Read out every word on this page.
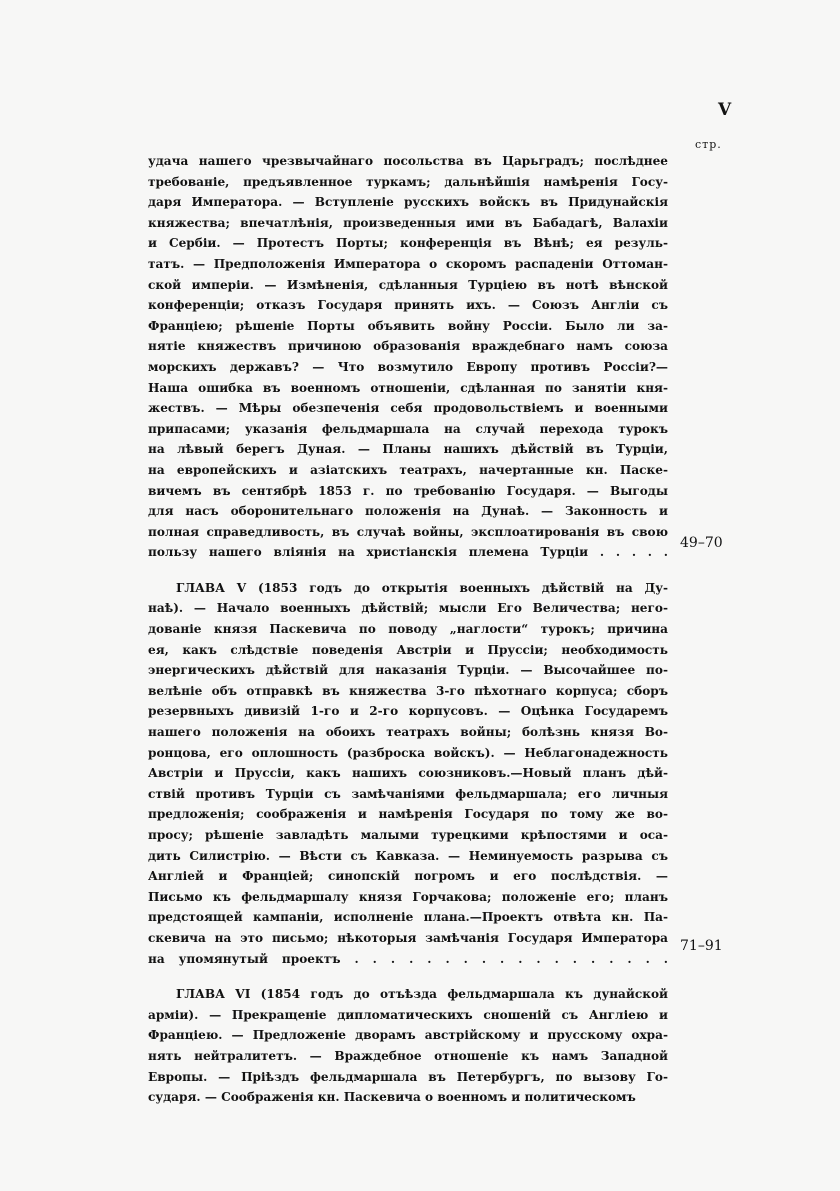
V
стр.
удача нашего чрезвычайнаго посольства въ Царьградъ; послѣднее
требованіе, предъявленное туркамъ; дальнѣйшія намѣренія Госу-
даря Императора. — Вступленіе русскихъ войскъ въ Придунайскія
княжества; впечатлѣнія, произведенныя ими въ Бабадагѣ, Валахіи
и Сербіи. — Протестъ Порты; конференція въ Вѣнѣ; ея резуль-
татъ. — Предположенія Императора о скоромъ распаденіи Оттоман-
ской имперіи. — Измѣненія, сдѣланныя Турціею въ нотѣ вѣнской
конференціи; отказъ Государя принять ихъ. — Союзъ Англіи съ
Франціею; рѣшеніе Порты объявить войну Россіи. Было ли за-
нятіе княжествъ причиною образованія враждебнаго намъ союза
морскихъ державъ? — Что возмутило Европу противъ Россіи?—
Наша ошибка въ военномъ отношеніи, сдѣланная по занятіи кня-
жествъ. — Мѣры обезпеченія себя продовольствіемъ и военными
припасами; указанія фельдмаршала на случай перехода турокъ
на лѣвый берегъ Дуная. — Планы нашихъ дѣйствій въ Турціи,
на европейскихъ и азіатскихъ театрахъ, начертанные кн. Паске-
вичемъ въ сентябрѣ 1853 г. по требованію Государя. — Выгоды
для насъ оборонительнаго положенія на Дунаѣ. — Законность и
полная справедливость, въ случаѣ войны, эксплоатированія въ свою
пользу нашего вліянія на христіанскія племена Турціи . . . . .
ГЛАВА V (1853 годъ до открытія военныхъ дѣйствій на Ду-
наѣ). — Начало военныхъ дѣйствій; мысли Его Величества; него-
дованіе князя Паскевича по поводу „наглости“ турокъ; причина
ея, какъ слѣдствіе поведенія Австріи и Пруссіи; необходимость
энергическихъ дѣйствій для наказанія Турціи. — Высочайшее по-
велѣніе объ отправкѣ въ княжества 3-го пѣхотнаго корпуса; сборъ
резервныхъ дивизій 1-го и 2-го корпусовъ. — Оцѣнка Государемъ
нашего положенія на обоихъ театрахъ войны; болѣзнь князя Во-
ронцова, его оплошность (разброска войскъ). — Неблагонадежность
Австріи и Пруссіи, какъ нашихъ союзниковъ.—Новый планъ дѣй-
ствій противъ Турціи съ замѣчаніями фельдмаршала; его личныя
предложенія; соображенія и намѣренія Государя по тому же во-
просу; рѣшеніе завладѣть малыми турецкими крѣпостями и оса-
дить Силистрію. — Вѣсти съ Кавказа. — Неминуемость разрыва съ
Англіей и Франціей; синопскій погромъ и его послѣдствія. —
Письмо къ фельдмаршалу князя Горчакова; положеніе его; планъ
предстоящей кампаніи, исполненіе плана.—Проектъ отвѣта кн. Па-
скевича на это письмо; нѣкоторыя замѣчанія Государя Императора
на упомянутый проектъ . . . . . . . . . . . . . . . . . .
ГЛАВА VI (1854 годъ до отъѣзда фельдмаршала къ дунайской
арміи). — Прекращеніе дипломатическихъ сношеній съ Англіею и
Франціею. — Предложеніе дворамъ австрійскому и прусскому охра-
нять нейтралитетъ. — Враждебное отношеніе къ намъ Западной
Европы. — Пріѣздъ фельдмаршала въ Петербургъ, по вызову Го-
сударя. — Соображенія кн. Паскевича о военномъ и политическомъ
49–70
71–91
